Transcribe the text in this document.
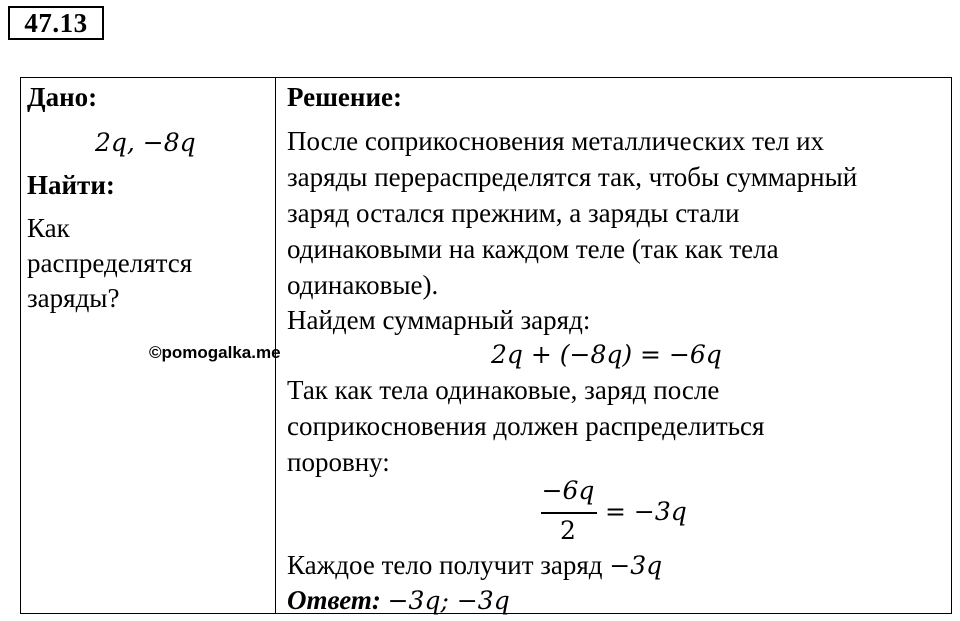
47.13
Дано:
2q, −8q
Найти:
Как
распределятся
заряды?
©pomogalka.me
Решение:
После соприкосновения металлических тел их
заряды перераспределятся так, чтобы суммарный
заряд остался прежним, а заряды стали
одинаковыми на каждом теле (так как тела
одинаковые).
Найдем суммарный заряд:
2q + (−8q) = −6q
Так как тела одинаковые, заряд после
соприкосновения должен распределиться
поровну:
−6q
2
= −3q
Каждое тело получит заряд −3q
Ответ: −3q; −3q
